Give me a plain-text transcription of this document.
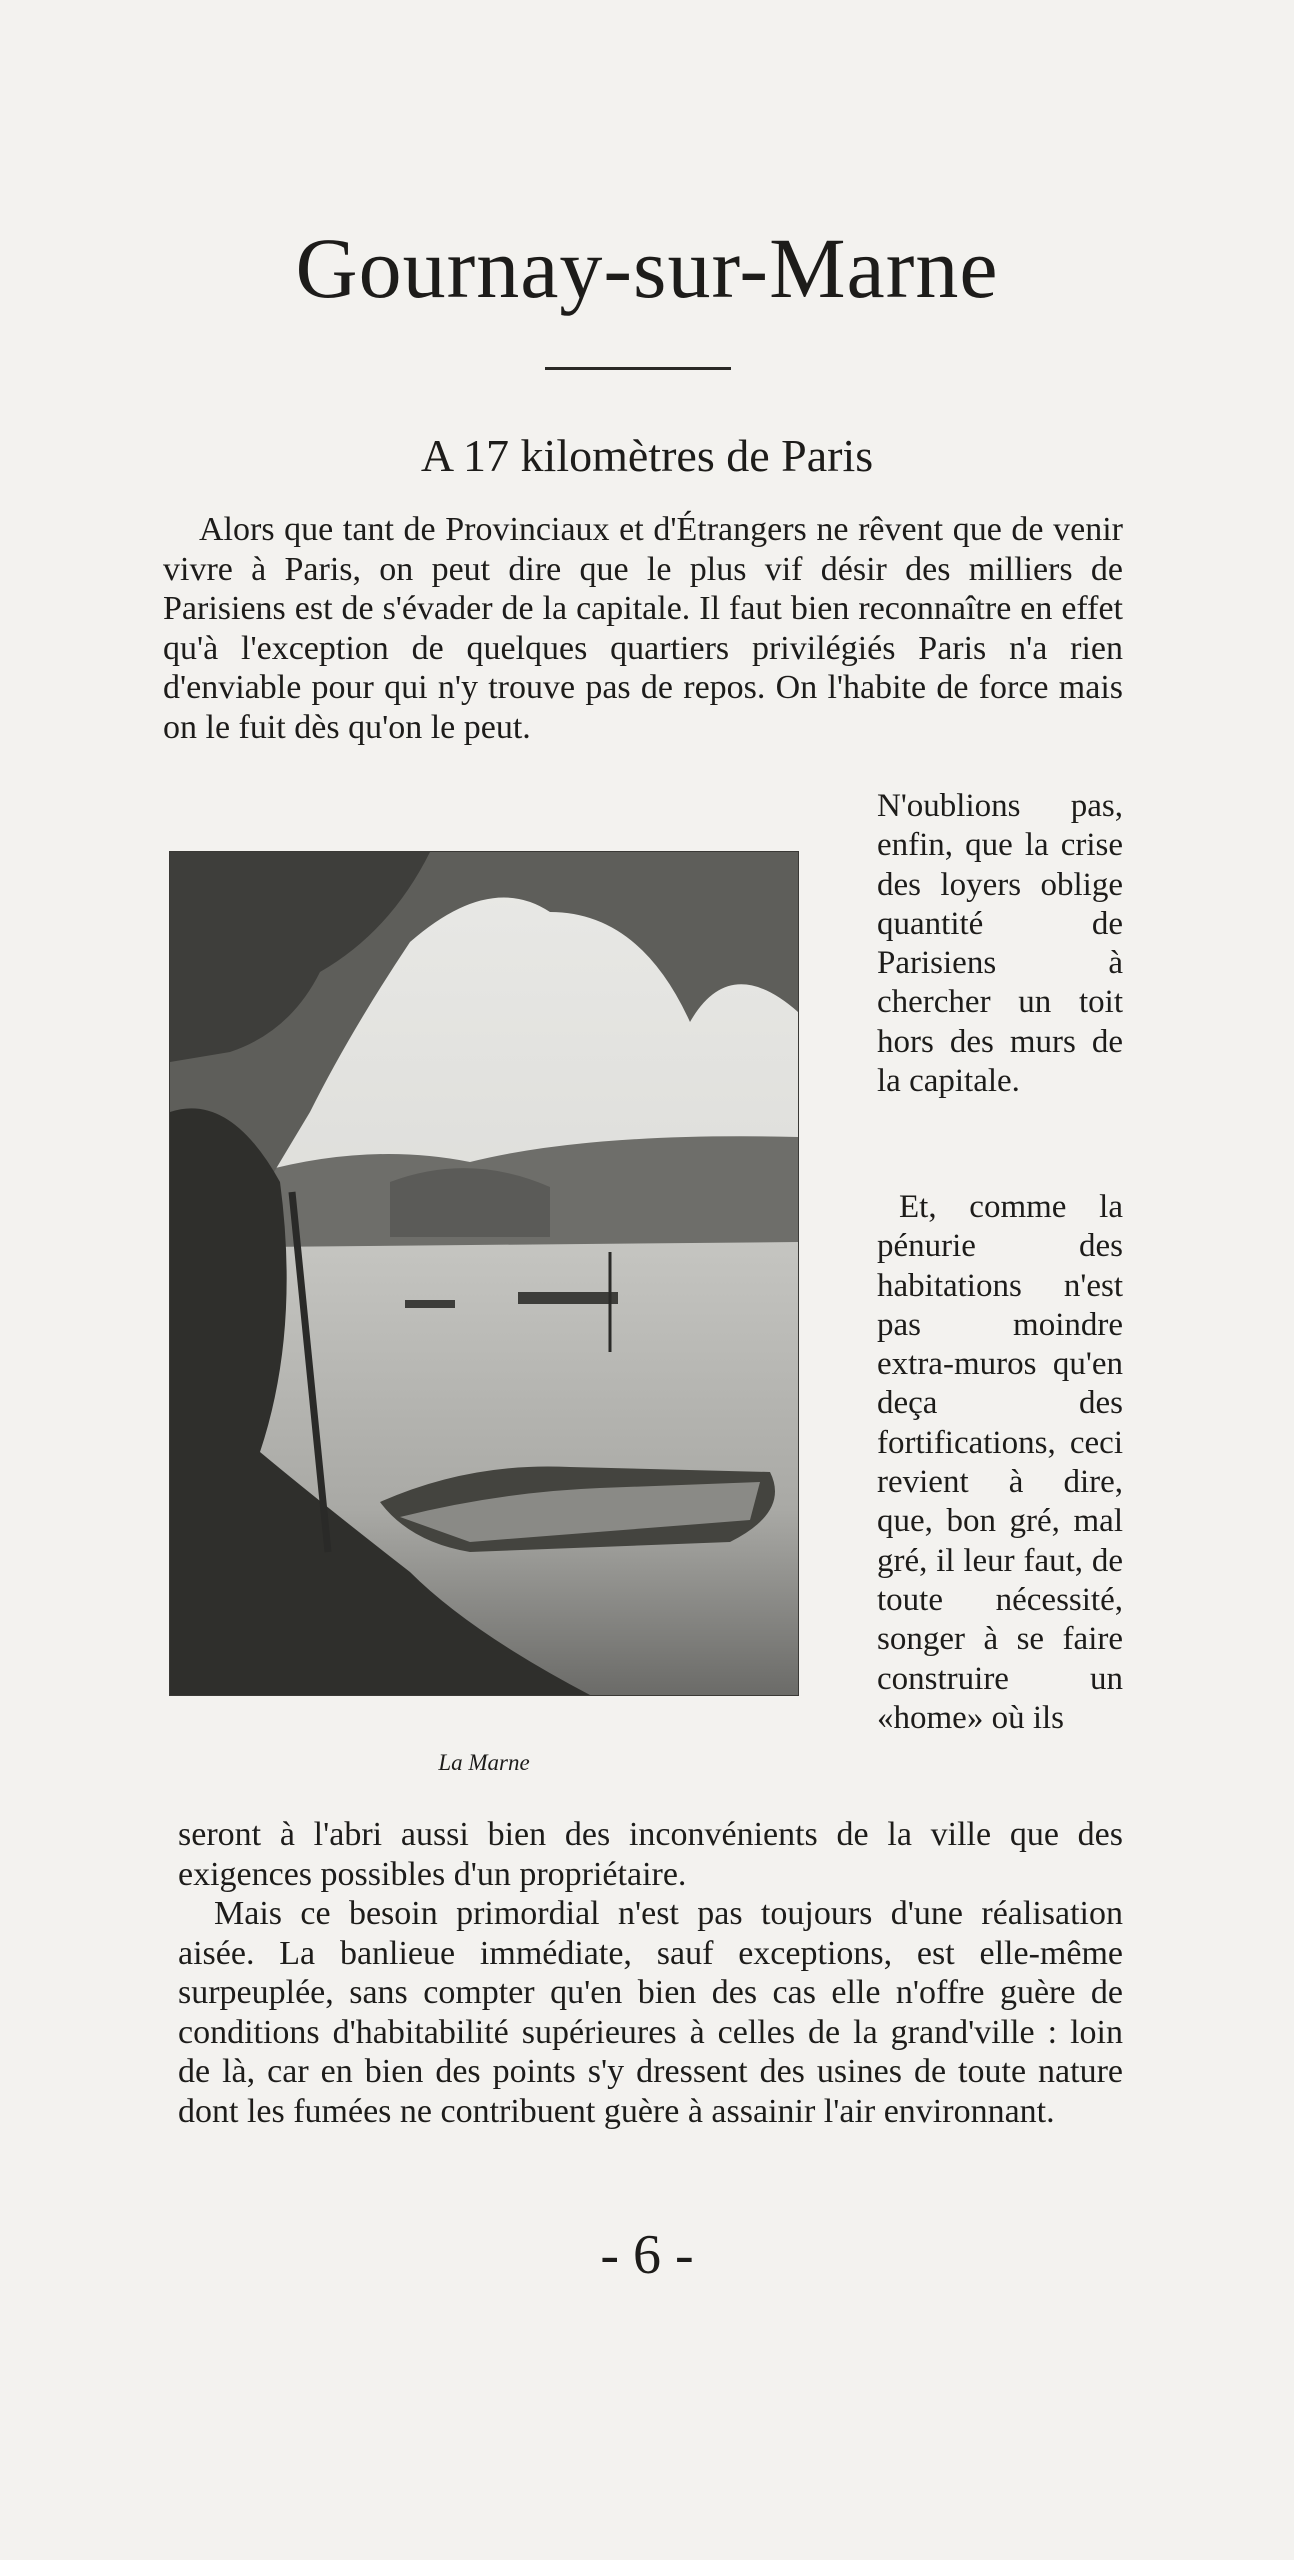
Gournay-sur-Marne
A 17 kilomètres de Paris

Alors que tant de Provinciaux et d'Étrangers ne rêvent que de venir vivre à Paris, on peut dire que le plus vif désir des milliers de Parisiens est de s'évader de la capitale. Il faut bien reconnaître en effet qu'à l'exception de quelques quartiers privilégiés Paris n'a rien d'enviable pour qui n'y trouve pas de repos. On l'habite de force mais on le fuit dès qu'on le peut.

La Marne

N'oublions pas, enfin, que la crise des loyers oblige quantité de Parisiens à chercher un toit hors des murs de la capitale.

Et, comme la pénurie des habitations n'est pas moindre extra-muros qu'en deça des fortifications, ceci revient à dire, que, bon gré, mal gré, il leur faut, de toute nécessité, songer à se faire construire un «home» où ils

seront à l'abri aussi bien des inconvénients de la ville que des exigences possibles d'un propriétaire.

Mais ce besoin primordial n'est pas toujours d'une réalisation aisée. La banlieue immédiate, sauf exceptions, est elle-même surpeuplée, sans compter qu'en bien des cas elle n'offre guère de conditions d'habitabilité supérieures à celles de la grand'ville : loin de là, car en bien des points s'y dressent des usines de toute nature dont les fumées ne contribuent guère à assainir l'air environnant.

- 6 -
